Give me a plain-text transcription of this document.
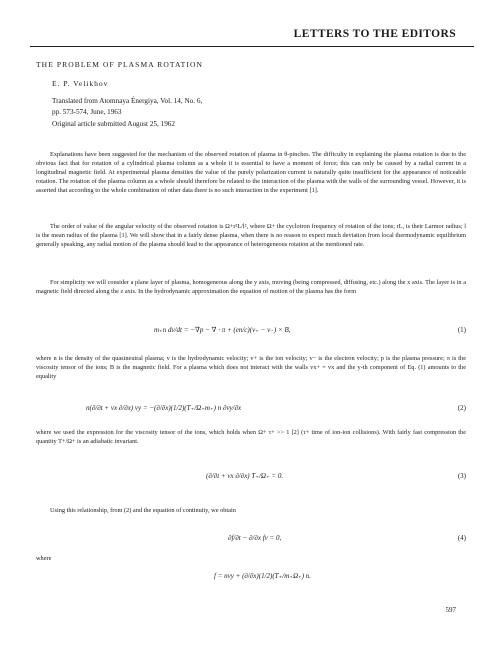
LETTERS TO THE EDITORS
THE PROBLEM OF PLASMA ROTATION
E. P. Velikhov
Translated from Atomnaya Énergiya, Vol. 14, No. 6,
pp. 573-574, June, 1963
Original article submitted August 25, 1962
Explanations have been suggested for the mechanism of the observed rotation of plasma in θ-pinches. The difficulty in explaining the plasma rotation is due to the obvious fact that for rotation of a cylindrical plasma column as a whole it is essential to have a moment of force; this can only be caused by a radial current in a longitudinal magnetic field. At experimental plasma densities the value of the purely polarization current is naturally quite insufficient for the appearance of noticeable rotation. The rotation of the plasma column as a whole should therefore be related to the interaction of the plasma with the walls of the surrounding vessel. However, it is asserted that according to the whole combination of other data there is no such interaction in the experiment [1].
The order of value of the angular velocity of the observed rotation is Ω+r²L/l², where Ω+ the cyclotron frequency of rotation of the ions; rL, is their Larmor radius; l is the mean radius of the plasma [1]. We will show that in a fairly dense plasma, when there is no reason to expect much deviation from local thermodynamic equilibrium generally speaking, any radial motion of the plasma should lead to the appearance of heterogeneous rotation at the mentioned rate.
For simplicity we will consider a plane layer of plasma, homogeneous along the y axis, moving (being compressed, diffusing, etc.) along the x axis. The layer is in a magnetic field directed along the z axis. In the hydrodynamic approximation the equation of motion of the plasma has the form
m₊n dv/dt = −∇p − ∇ · π + (en/c)(v₊ − v₋) × B,	(1)
where n is the density of the quasineutral plasma; v is the hydrodynamic velocity; v+ is the ion velocity; v− is the electron velocity; p is the plasma pressure; π is the viscosity tensor of the ions; B is the magnetic field. For a plasma which does not interact with the walls vx+ = vx and the y-th component of Eq. (1) amounts to the equality
n(∂/∂t + vx ∂/∂x) vy = −(∂/∂x)(1/2)(T₊/Ω₊m₊) n ∂vy/∂x	(2)
where we used the expression for the viscosity tensor of the ions, which holds when Ω+ τ+ >> 1 [2] (τ+ time of ion-ion collisions). With fairly fast compression the quantity T+/Ω+ is an adiabatic invariant.
(∂/∂t + vx ∂/∂x) T₊/Ω₊ = 0.	(3)
Using this relationship, from (2) and the equation of continuity, we obtain
∂f/∂t − ∂/∂x fv = 0,	(4)
where
f = nvy + (∂/∂x)(1/2)(T₊/m₊Ω₊) n.
597
